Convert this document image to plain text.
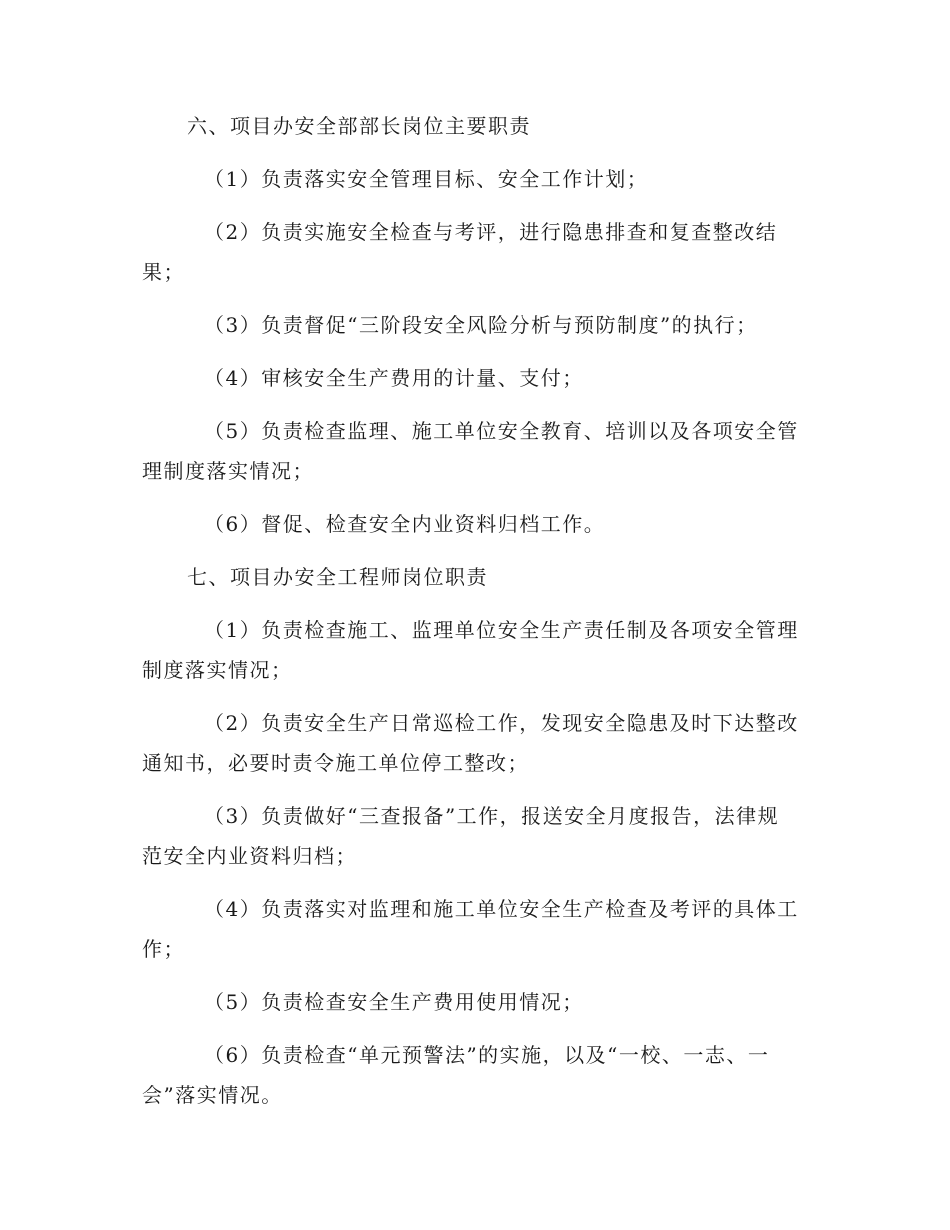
六、项目办安全部部长岗位主要职责
（1）负责落实安全管理目标、安全工作计划；
（2）负责实施安全检查与考评，进行隐患排查和复查整改结
果；
（3）负责督促“三阶段安全风险分析与预防制度”的执行；
（4）审核安全生产费用的计量、支付；
（5）负责检查监理、施工单位安全教育、培训以及各项安全管
理制度落实情况；
（6）督促、检查安全内业资料归档工作。
七、项目办安全工程师岗位职责
（1）负责检查施工、监理单位安全生产责任制及各项安全管理
制度落实情况；
（2）负责安全生产日常巡检工作，发现安全隐患及时下达整改
通知书，必要时责令施工单位停工整改；
（3）负责做好“三查报备”工作，报送安全月度报告，法律规
范安全内业资料归档；
（4）负责落实对监理和施工单位安全生产检查及考评的具体工
作；
（5）负责检查安全生产费用使用情况；
（6）负责检查“单元预警法”的实施，以及“一校、一志、一
会”落实情况。
